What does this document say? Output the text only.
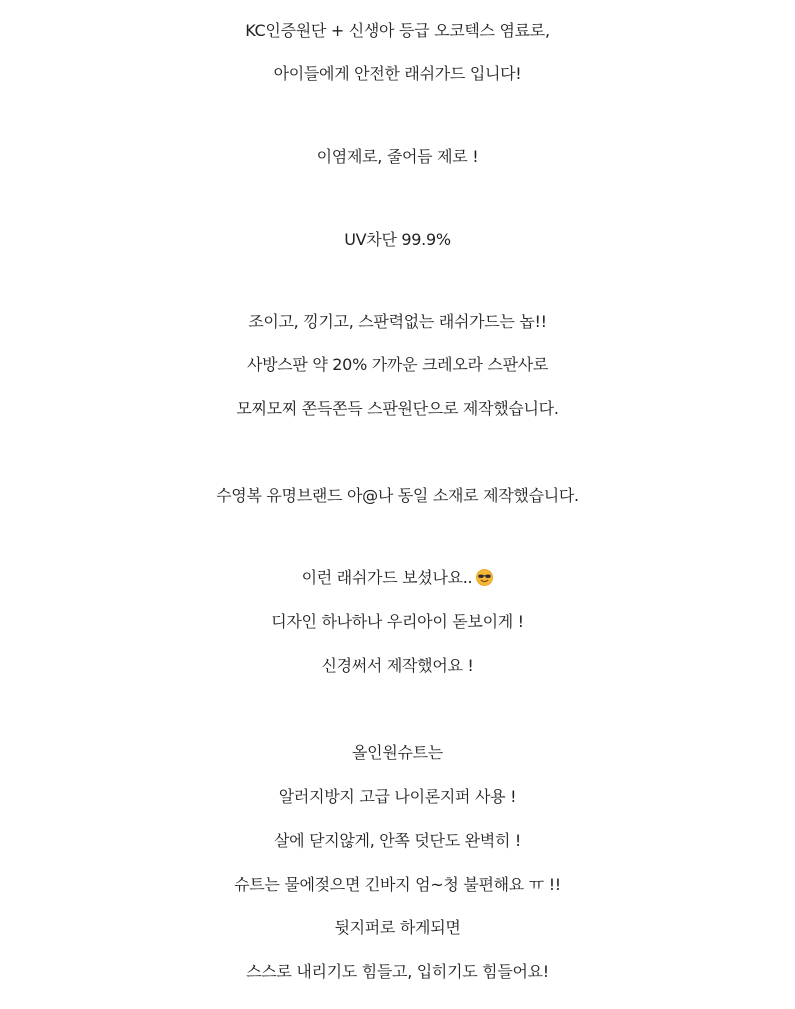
KC인증원단 + 신생아 등급 오코텍스 염료로,
아이들에게 안전한 래쉬가드 입니다!
이염제로, 줄어듬 제로 !
UV차단 99.9%
조이고, 낑기고, 스판력없는 래쉬가드는 놉!!
사방스판 약 20% 가까운 크레오라 스판사로
모찌모찌 쫀득쫀득 스판원단으로 제작했습니다.
수영복 유명브랜드 아@나 동일 소재로 제작했습니다.
이런 래쉬가드 보셨나요..
디자인 하나하나 우리아이 돋보이게 !
신경써서 제작했어요 !
올인원슈트는
알러지방지 고급 나이론지퍼 사용 !
살에 닫지않게, 안쪽 덧단도 완벽히 !
슈트는 물에젖으면 긴바지 엄~청 불편해요 ㅠ !!
뒷지퍼로 하게되면
스스로 내리기도 힘들고, 입히기도 힘들어요!
